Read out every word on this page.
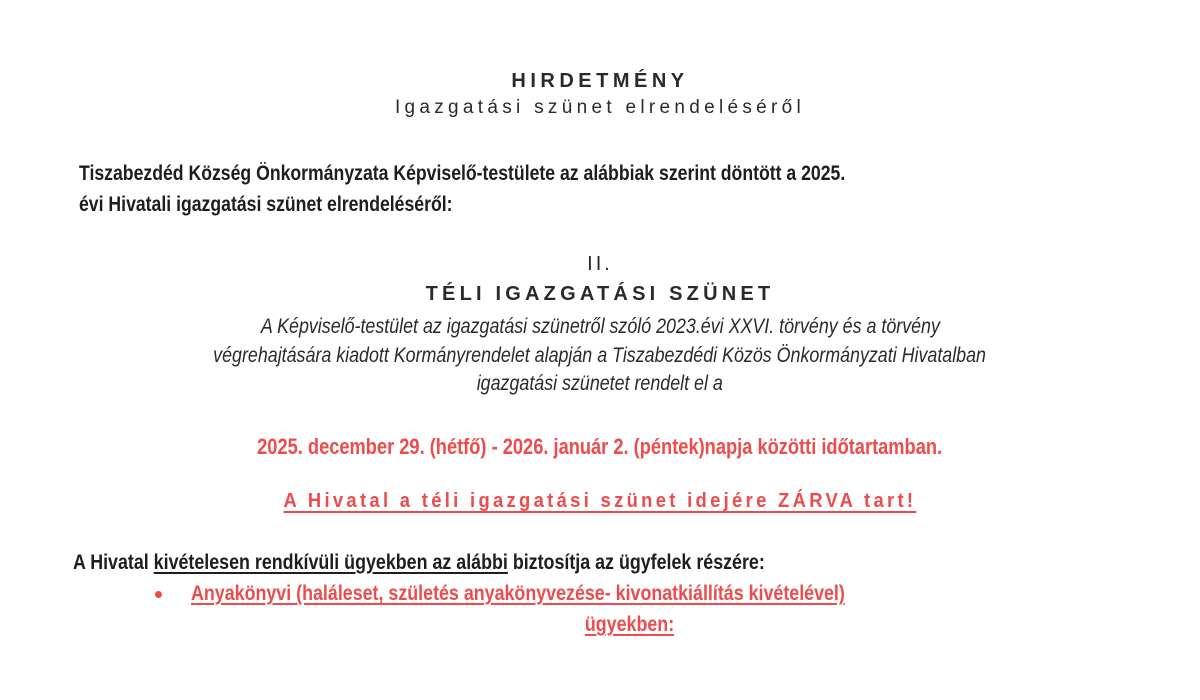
HIRDETMÉNY
Igazgatási szünet elrendeléséről
Tiszabezdéd Község Önkormányzata Képviselő-testülete az alábbiak szerint döntött a 2025.
évi Hivatali igazgatási szünet elrendeléséről:
II.
TÉLI IGAZGATÁSI SZÜNET
A Képviselő-testület az igazgatási szünetről szóló 2023.évi XXVI. törvény és a törvény
végrehajtására kiadott Kormányrendelet alapján a Tiszabezdédi Közös Önkormányzati Hivatalban
igazgatási szünetet rendelt el a
2025. december 29. (hétfő) - 2026. január 2. (péntek)napja közötti időtartamban.
A Hivatal a téli igazgatási szünet idejére ZÁRVA tart!
A Hivatal kivételesen rendkívüli ügyekben az alábbi biztosítja az ügyfelek részére:
Anyakönyvi (haláleset, születés anyakönyvezése- kivonatkiállítás kivételével)
ügyekben:
